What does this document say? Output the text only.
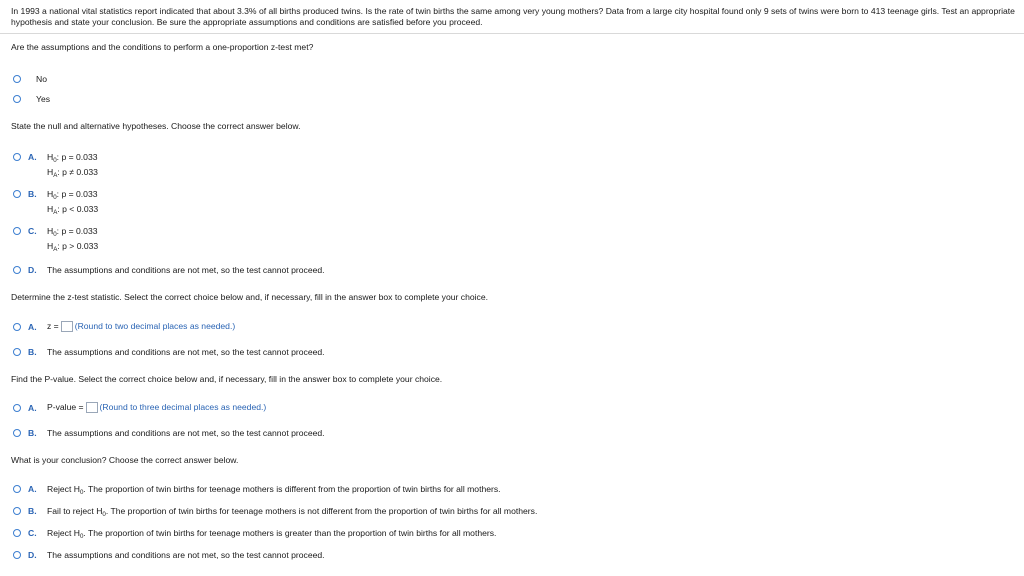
In 1993 a national vital statistics report indicated that about 3.3% of all births produced twins. Is the rate of twin births the same among very young mothers? Data from a large city hospital found only 9 sets of twins were born to 413 teenage girls. Test an appropriate hypothesis and state your conclusion. Be sure the appropriate assumptions and conditions are satisfied before you proceed.
Are the assumptions and the conditions to perform a one-proportion z-test met?
No
Yes
State the null and alternative hypotheses. Choose the correct answer below.
A. $H_0$: p = 0.033
$H_A$: p ≠ 0.033
B. $H_0$: p = 0.033
$H_A$: p < 0.033
C. $H_0$: p = 0.033
$H_A$: p > 0.033
D. The assumptions and conditions are not met, so the test cannot proceed.
Determine the z-test statistic. Select the correct choice below and, if necessary, fill in the answer box to complete your choice.
A. z = (Round to two decimal places as needed.)
B. The assumptions and conditions are not met, so the test cannot proceed.
Find the P-value. Select the correct choice below and, if necessary, fill in the answer box to complete your choice.
A. P-value = (Round to three decimal places as needed.)
B. The assumptions and conditions are not met, so the test cannot proceed.
What is your conclusion? Choose the correct answer below.
A. Reject $H_0$. The proportion of twin births for teenage mothers is different from the proportion of twin births for all mothers.
B. Fail to reject $H_0$. The proportion of twin births for teenage mothers is not different from the proportion of twin births for all mothers.
C. Reject $H_0$. The proportion of twin births for teenage mothers is greater than the proportion of twin births for all mothers.
D. The assumptions and conditions are not met, so the test cannot proceed.
